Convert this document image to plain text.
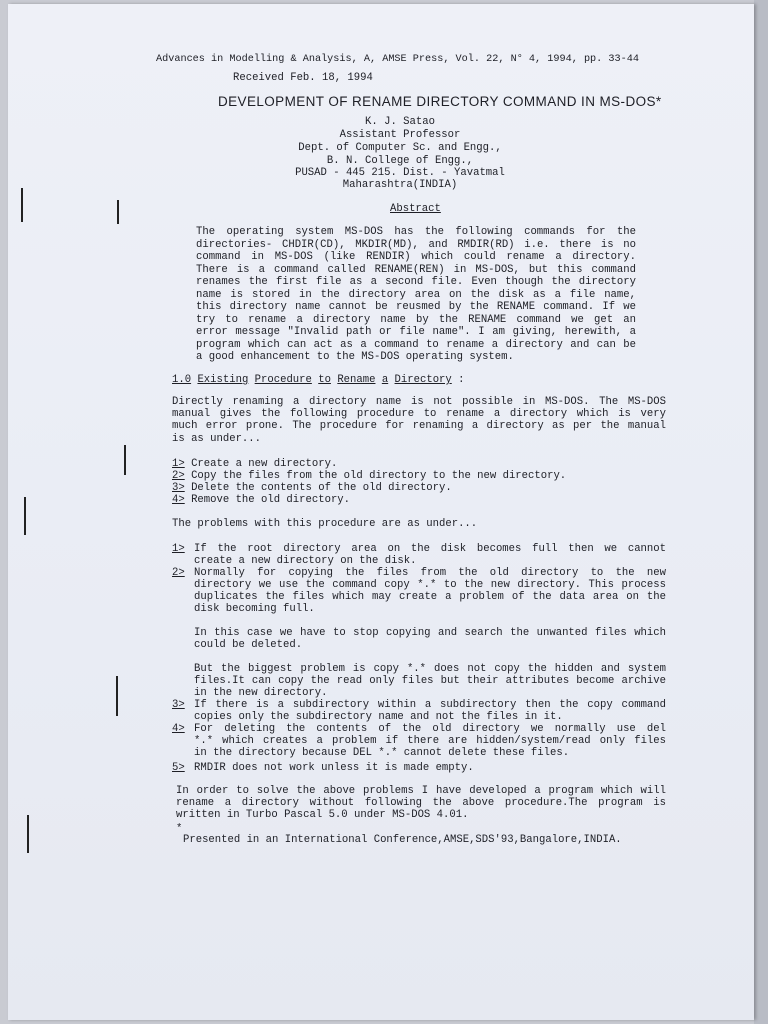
Advances in Modelling & Analysis, A, AMSE Press, Vol. 22, N° 4, 1994, pp. 33-44
Received Feb. 18, 1994
DEVELOPMENT OF RENAME DIRECTORY COMMAND IN MS-DOS*
K. J. Satao
Assistant Professor
Dept. of Computer Sc. and Engg.,
B. N. College of Engg.,
PUSAD - 445 215. Dist. - Yavatmal
Maharashtra(INDIA)
Abstract
The operating system MS-DOS has the following commands for the
directories- CHDIR(CD), MKDIR(MD), and RMDIR(RD) i.e. there is no
command in MS-DOS (like RENDIR) which could rename a directory.
There is a command called RENAME(REN) in MS-DOS, but this command
renames the first file as a second file. Even though the directory
name is stored in the directory area on the disk as a file name,
this directory name cannot be reusmed by the RENAME command. If we
try to rename a directory name by the RENAME command we get an
error message "Invalid path or file name". I am giving, herewith, a
program which can act as a command to rename a directory and can be
a good enhancement to the MS-DOS operating system.
1.0 Existing Procedure to Rename a Directory :
Directly renaming a directory name is not possible in MS-DOS. The MS-DOS
manual gives the following procedure to rename a directory which is very
much error prone. The procedure for renaming a directory as per the manual
is as under...
1> Create a new directory.
2> Copy the files from the old directory to the new directory.
3> Delete the contents of the old directory.
4> Remove the old directory.
The problems with this procedure are as under...
1> If the root directory area on the disk becomes full then we cannot
create a new directory on the disk.
2> Normally for copying the files from the old directory to the new
directory we use the command copy *.* to the new directory. This process
duplicates the files which may create a problem of the data area on the
disk becoming full.
In this case we have to stop copying and search the unwanted files which
could be deleted.
But the biggest problem is copy *.* does not copy the hidden and system
files.It can copy the read only files but their attributes become archive
in the new directory.
3> If there is a subdirectory within a subdirectory then the copy command
copies only the subdirectory name and not the files in it.
4> For deleting the contents of the old directory we normally use del
*.* which creates a problem if there are hidden/system/read only files
in the directory because DEL *.* cannot delete these files.
5> RMDIR does not work unless it is made empty.
In order to solve the above problems I have developed a program which will
rename a directory without following the above procedure.The program is
written in Turbo Pascal 5.0 under MS-DOS 4.01.
*
Presented in an International Conference,AMSE,SDS'93,Bangalore,INDIA.
